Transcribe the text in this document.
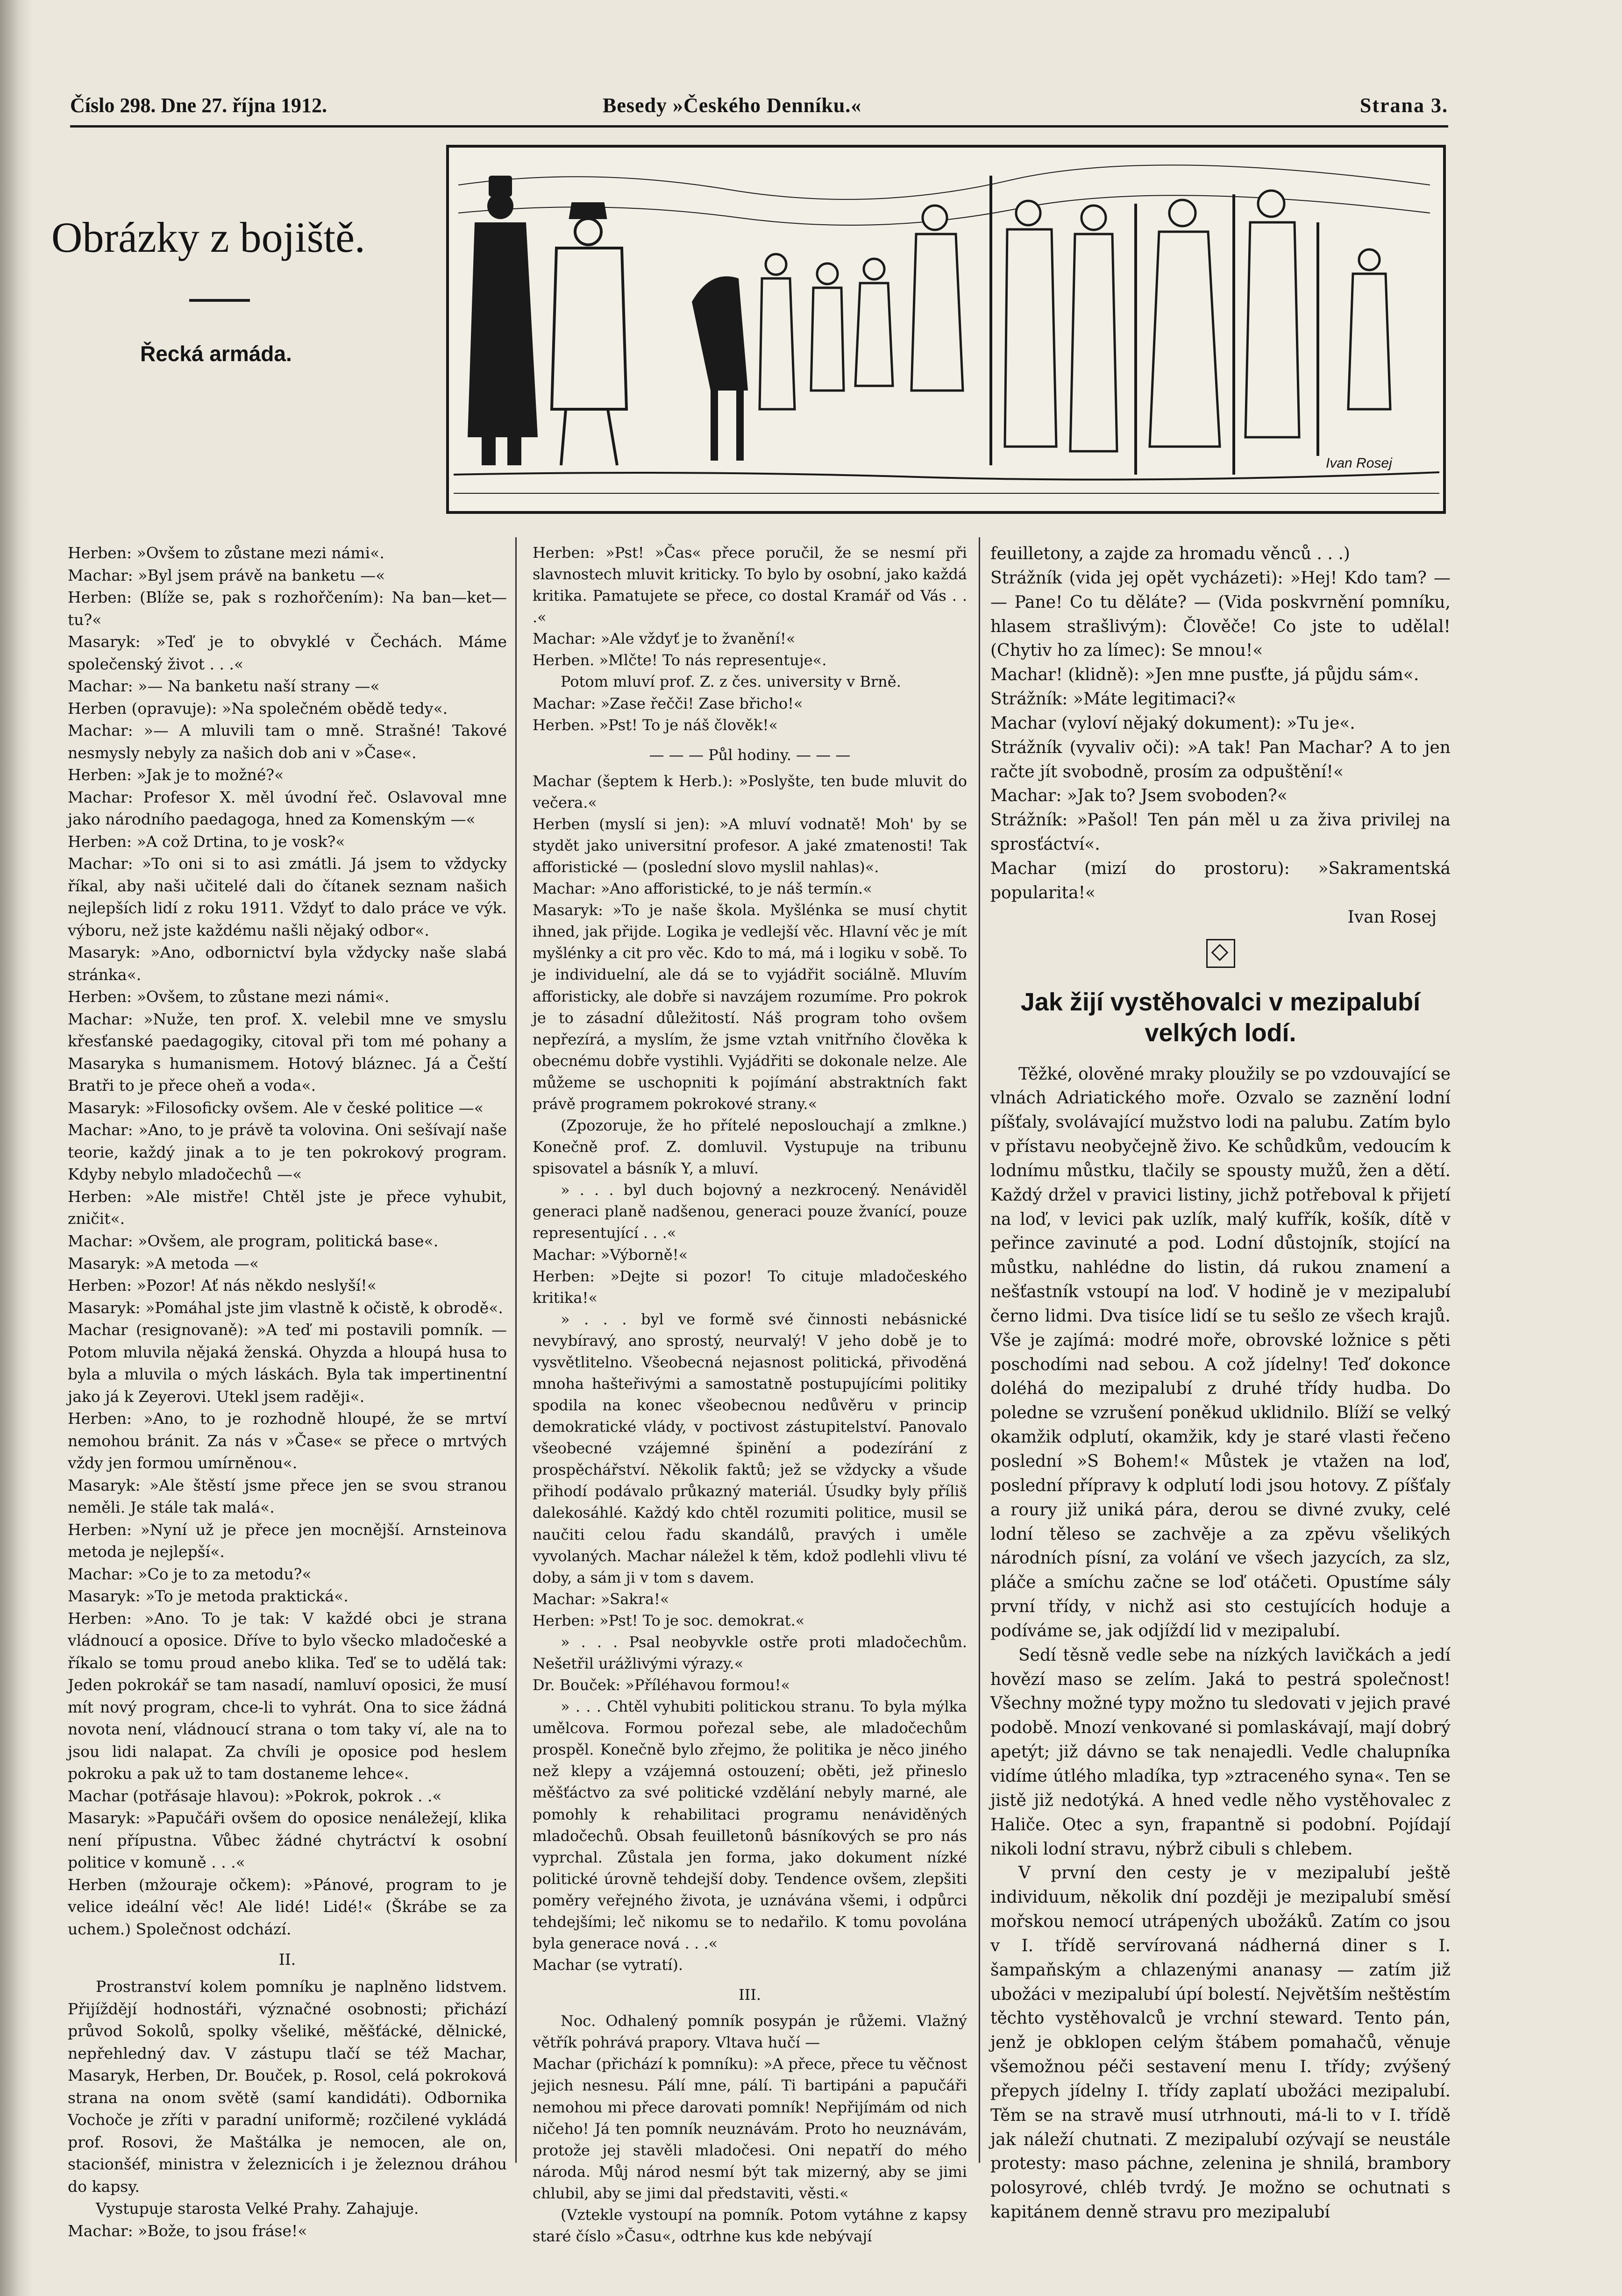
Číslo 298. Dne 27. října 1912.	Besedy »Českého Denníku.«	Strana 3.
Obrázky z bojiště.
Řecká armáda.
Ivan Rosej

Herben: »Ovšem to zůstane mezi námi«.

Machar: »Byl jsem právě na banketu —«

Herben: (Blíže se, pak s rozhořčením): Na ban—ket—tu?«

Masaryk: »Teď je to obvyklé v Čechách. Máme společenský život . . .«

Machar: »— Na banketu naší strany —«

Herben (opravuje): »Na společném obědě tedy«.

Machar: »— A mluvili tam o mně. Strašné! Takové nesmysly nebyly za našich dob ani v »Čase«.

Herben: »Jak je to možné?«

Machar: Profesor X. měl úvodní řeč. Oslavoval mne jako národního paedagoga, hned za Komenským —«

Herben: »A což Drtina, to je vosk?«

Machar: »To oni si to asi zmátli. Já jsem to vždycky říkal, aby naši učitelé dali do čítanek seznam našich nejlepších lidí z roku 1911. Vždyť to dalo práce ve výk. výboru, než jste každému našli nějaký odbor«.

Masaryk: »Ano, odbornictví byla vždycky naše slabá stránka«.

Herben: »Ovšem, to zůstane mezi námi«.

Machar: »Nuže, ten prof. X. velebil mne ve smyslu křesťanské paedagogiky, citoval při tom mé pohany a Masaryka s humanismem. Hotový bláznec. Já a Čeští Bratři to je přece oheň a voda«.

Masaryk: »Filosoficky ovšem. Ale v české politice —«

Machar: »Ano, to je právě ta volovina. Oni sešívají naše teorie, každý jinak a to je ten pokrokový program. Kdyby nebylo mladočechů —«

Herben: »Ale mistře! Chtěl jste je přece vyhubit, zničit«.

Machar: »Ovšem, ale program, politická base«.

Masaryk: »A metoda —«

Herben: »Pozor! Ať nás někdo neslyší!«

Masaryk: »Pomáhal jste jim vlastně k očistě, k obrodě«.

Machar (resignovaně): »A teď mi postavili pomník. — Potom mluvila nějaká ženská. Ohyzda a hloupá husa to byla a mluvila o mých láskách. Byla tak impertinentní jako já k Zeyerovi. Utekl jsem raději«.

Herben: »Ano, to je rozhodně hloupé, že se mrtví nemohou bránit. Za nás v »Čase« se přece o mrtvých vždy jen formou umírněnou«.

Masaryk: »Ale štěstí jsme přece jen se svou stranou neměli. Je stále tak malá«.

Herben: »Nyní už je přece jen mocnější. Arnsteinova metoda je nejlepší«.

Machar: »Co je to za metodu?«

Masaryk: »To je metoda praktická«.

Herben: »Ano. To je tak: V každé obci je strana vládnoucí a oposice. Dříve to bylo všecko mladočeské a říkalo se tomu proud anebo klika. Teď se to udělá tak: Jeden pokrokář se tam nasadí, namluví oposici, že musí mít nový program, chce-li to vyhrát. Ona to sice žádná novota není, vládnoucí strana o tom taky ví, ale na to jsou lidi nalapat. Za chvíli je oposice pod heslem pokroku a pak už to tam dostaneme lehce«.

Machar (potřásaje hlavou): »Pokrok, pokrok . .«

Masaryk: »Papučáři ovšem do oposice nenáležejí, klika není přípustna. Vůbec žádné chytráctví k osobní politice v komuně . . .«

Herben (mžouraje očkem): »Pánové, program to je velice ideální věc! Ale lidé! Lidé!« (Škrábe se za uchem.) Společnost odchází.

II.

Prostranství kolem pomníku je naplněno lidstvem. Přijíždějí hodnostáři, význačné osobnosti; přichází průvod Sokolů, spolky všeliké, měšťácké, dělnické, nepřehledný dav. V zástupu tlačí se též Machar, Masaryk, Herben, Dr. Bouček, p. Rosol, celá pokroková strana na onom světě (samí kandidáti). Odbornika Vochoče je zříti v paradní uniformě; rozčilené vykládá prof. Rosovi, že Maštálka je nemocen, ale on, stacionšéf, ministra v železnicích i je železnou dráhou do kapsy.

Vystupuje starosta Velké Prahy. Zahajuje.

Machar: »Bože, to jsou fráse!«

Herben: »Pst! »Čas« přece poručil, že se nesmí při slavnostech mluvit kriticky. To bylo by osobní, jako každá kritika. Pamatujete se přece, co dostal Kramář od Vás . . .«

Machar: »Ale vždyť je to žvanění!«

Herben. »Mlčte! To nás representuje«.

Potom mluví prof. Z. z čes. university v Brně.

Machar: »Zase řečči! Zase břicho!«

Herben. »Pst! To je náš člověk!«

— — — Půl hodiny. — — —

Machar (šeptem k Herb.): »Poslyšte, ten bude mluvit do večera.«

Herben (myslí si jen): »A mluví vodnatě! Moh' by se stydět jako universitní profesor. A jaké zmatenosti! Tak afforistické — (poslední slovo myslil nahlas)«.

Machar: »Ano afforistické, to je náš termín.«

Masaryk: »To je naše škola. Myšlénka se musí chytit ihned, jak přijde. Logika je vedlejší věc. Hlavní věc je mít myšlénky a cit pro věc. Kdo to má, má i logiku v sobě. To je individuelní, ale dá se to vyjádřit sociálně. Mluvím afforisticky, ale dobře si navzájem rozumíme. Pro pokrok je to zásadní důležitostí. Náš program toho ovšem nepřezírá, a myslím, že jsme vztah vnitřního člověka k obecnému dobře vystihli. Vyjádřiti se dokonale nelze. Ale můžeme se uschopniti k pojímání abstraktních fakt právě programem pokrokové strany.«

(Zpozoruje, že ho přítelé neposlouchají a zmlkne.) Konečně prof. Z. domluvil. Vystupuje na tribunu spisovatel a básník Y, a mluví.

» . . . byl duch bojovný a nezkrocený. Nenáviděl generaci planě nadšenou, generaci pouze žvanící, pouze representující . . .«

Machar: »Výborně!«

Herben: »Dejte si pozor! To cituje mladočeského kritika!«

» . . . byl ve formě své činnosti nebásnické nevybíravý, ano sprostý, neurvalý! V jeho době je to vysvětlitelno. Všeobecná nejasnost politická, přivoděná mnoha hašteřivými a samostatně postupujícími politiky spodila na konec všeobecnou nedůvěru v princip demokratické vlády, v poctivost zástupitelství. Panovalo všeobecné vzájemné špinění a podezírání z prospěchářství. Několik faktů; jež se vždycky a všude přihodí podávalo průkazný materiál. Úsudky byly příliš dalekosáhlé. Každý kdo chtěl rozumiti politice, musil se naučiti celou řadu skandálů, pravých i uměle vyvolaných. Machar náležel k těm, kdož podlehli vlivu té doby, a sám ji v tom s davem.

Machar: »Sakra!«

Herben: »Pst! To je soc. demokrat.«

» . . . Psal neobyvkle ostře proti mladočechům. Nešetřil urážlivými výrazy.«

Dr. Bouček: »Příléhavou formou!«

» . . . Chtěl vyhubiti politickou stranu. To byla mýlka umělcova. Formou pořezal sebe, ale mladočechům prospěl. Konečně bylo zřejmo, že politika je něco jiného než klepy a vzájemná ostouzení; oběti, jež přineslo měšťáctvo za své politické vzdělání nebyly marné, ale pomohly k rehabilitaci programu nenáviděných mladočechů. Obsah feuilletonů básníkových se pro nás vyprchal. Zůstala jen forma, jako dokument nízké politické úrovně tehdejší doby. Tendence ovšem, zlepšiti poměry veřejného života, je uznávána všemi, i odpůrci tehdejšími; leč nikomu se to nedařilo. K tomu povolána byla generace nová . . .«

Machar (se vytratí).

III.

Noc. Odhalený pomník posypán je růžemi. Vlažný větřík pohrává prapory. Vltava hučí —

Machar (přichází k pomníku): »A přece, přece tu věčnost jejich nesnesu. Pálí mne, pálí. Ti bartipáni a papučáři nemohou mi přece darovati pomník! Nepřijímám od nich ničeho! Já ten pomník neuznávám. Proto ho neuznávám, protože jej stavěli mladočesi. Oni nepatří do mého národa. Můj národ nesmí být tak mizerný, aby se jimi chlubil, aby se jimi dal představiti, věsti.«

(Vztekle vystoupí na pomník. Potom vytáhne z kapsy staré číslo »Času«, odtrhne kus kde nebývají

feuilletony, a zajde za hromadu věnců . . .)

Strážník (vida jej opět vycházeti): »Hej! Kdo tam? — — Pane! Co tu děláte? — (Vida poskvrnění pomníku, hlasem strašlivým): Člověče! Co jste to udělal! (Chytiv ho za límec): Se mnou!«

Machar! (klidně): »Jen mne pusťte, já půjdu sám«.

Strážník: »Máte legitimaci?«

Machar (vyloví nějaký dokument): »Tu je«.

Strážník (vyvaliv oči): »A tak! Pan Machar? A to jen račte jít svobodně, prosím za odpuštění!«

Machar: »Jak to? Jsem svoboden?«

Strážník: »Pašol! Ten pán měl u za živa privilej na sprosťáctví«.

Machar (mizí do prostoru): »Sakramentská popularita!«

Ivan Rosej

Jak žijí vystěhovalci v mezipalubí velkých lodí.

Těžké, olověné mraky ploužily se po vzdouvající se vlnách Adriatického moře. Ozvalo se zaznění lodní píšťaly, svolávající mužstvo lodi na palubu. Zatím bylo v přístavu neobyčejně živo. Ke schůdkům, vedoucím k lodnímu můstku, tlačily se spousty mužů, žen a dětí. Každý držel v pravici listiny, jichž potřeboval k přijetí na loď, v levici pak uzlík, malý kufřík, košík, dítě v peřince zavinuté a pod. Lodní důstojník, stojící na můstku, nahlédne do listin, dá rukou znamení a nešťastník vstoupí na loď. V hodině je v mezipalubí černo lidmi. Dva tisíce lidí se tu sešlo ze všech krajů. Vše je zajímá: modré moře, obrovské ložnice s pěti poschodími nad sebou. A což jídelny! Teď dokonce doléhá do mezipalubí z druhé třídy hudba. Do poledne se vzrušení poněkud uklidnilo. Blíží se velký okamžik odplutí, okamžik, kdy je staré vlasti řečeno poslední »S Bohem!« Můstek je vtažen na loď, poslední přípravy k odplutí lodi jsou hotovy. Z píšťaly a roury již uniká pára, derou se divné zvuky, celé lodní těleso se zachvěje a za zpěvu všelikých národních písní, za volání ve všech jazycích, za slz, pláče a smíchu začne se loď otáčeti. Opustíme sály první třídy, v nichž asi sto cestujících hoduje a podíváme se, jak odjíždí lid v mezipalubí.

Sedí těsně vedle sebe na nízkých lavičkách a jedí hovězí maso se zelím. Jaká to pestrá společnost! Všechny možné typy možno tu sledovati v jejich pravé podobě. Mnozí venkované si pomlaskávají, mají dobrý apetýt; již dávno se tak nenajedli. Vedle chalupníka vidíme útlého mladíka, typ »ztraceného syna«. Ten se jistě již nedotýká. A hned vedle něho vystěhovalec z Haliče. Otec a syn, frapantně si podobní. Pojídají nikoli lodní stravu, nýbrž cibuli s chlebem.

V první den cesty je v mezipalubí ještě individuum, několik dní později je mezipalubí směsí mořskou nemocí utrápených ubožáků. Zatím co jsou v I. třídě servírovaná nádherná diner s I. šampaňským a chlazenými ananasy — zatím již ubožáci v mezipalubí úpí bolestí. Největším neštěstím těchto vystěhovalců je vrchní steward. Tento pán, jenž je obklopen celým štábem pomahačů, věnuje všemožnou péči sestavení menu I. třídy; zvýšený přepych jídelny I. třídy zaplatí ubožáci mezipalubí. Těm se na stravě musí utrhnouti, má-li to v I. třídě jak náleží chutnati. Z mezipalubí ozývají se neustále protesty: maso páchne, zelenina je shnilá, brambory polosyrové, chléb tvrdý. Je možno se ochutnati s kapitánem denně stravu pro mezipalubí
